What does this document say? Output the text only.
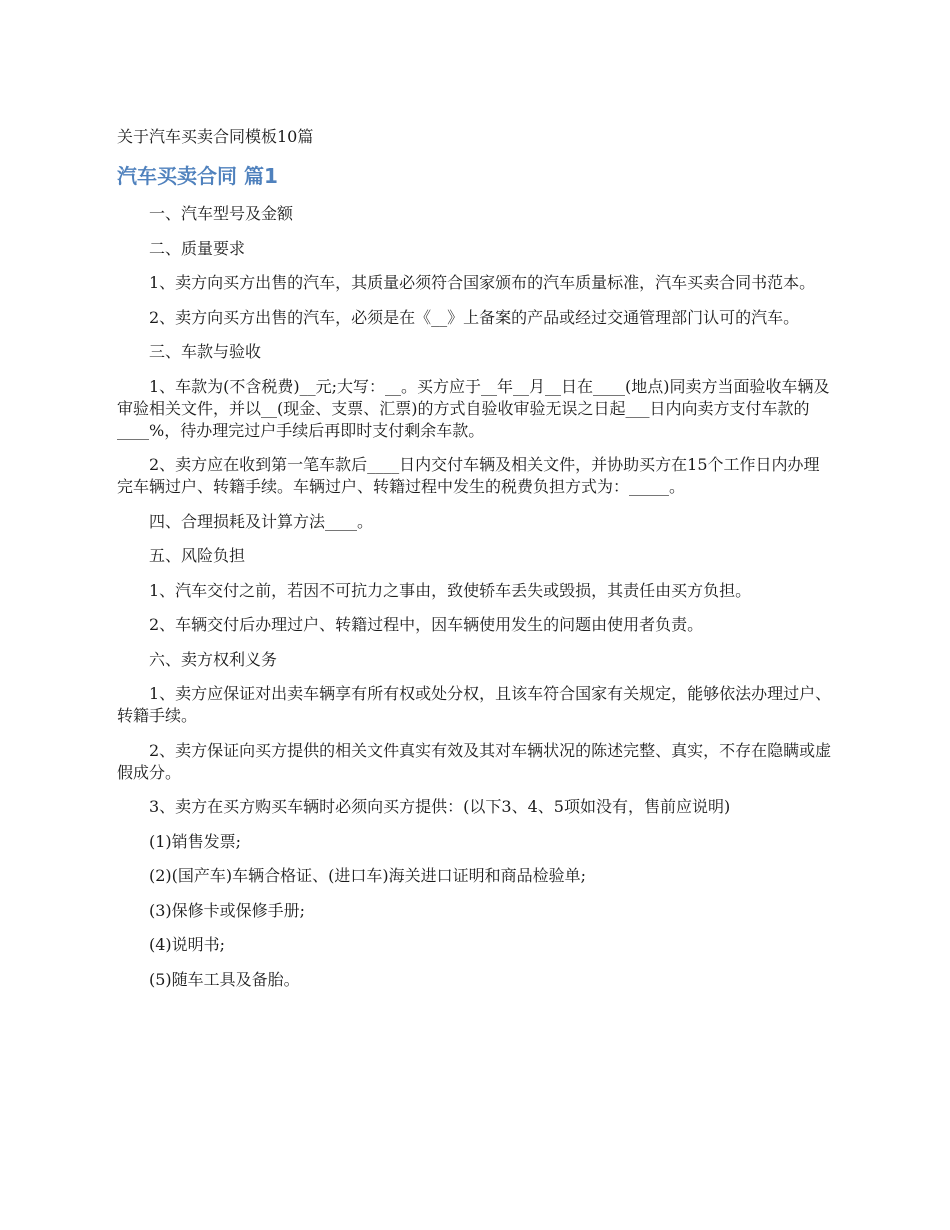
关于汽车买卖合同模板10篇
汽车买卖合同 篇1

一、汽车型号及金额

二、质量要求

1、卖方向买方出售的汽车，其质量必须符合国家颁布的汽车质量标准，汽车买卖合同书范本。

2、卖方向买方出售的汽车，必须是在《__》上备案的产品或经过交通管理部门认可的汽车。

三、车款与验收

1、车款为(不含税费)__元;大写：__。买方应于__年__月__日在____(地点)同卖方当面验收车辆及审验相关文件，并以__(现金、支票、汇票)的方式自验收审验无误之日起___日内向卖方支付车款的____%，待办理完过户手续后再即时支付剩余车款。

2、卖方应在收到第一笔车款后____日内交付车辆及相关文件，并协助买方在15个工作日内办理完车辆过户、转籍手续。车辆过户、转籍过程中发生的税费负担方式为：_____。

四、合理损耗及计算方法____。

五、风险负担

1、汽车交付之前，若因不可抗力之事由，致使轿车丢失或毁损，其责任由买方负担。

2、车辆交付后办理过户、转籍过程中，因车辆使用发生的问题由使用者负责。

六、卖方权利义务

1、卖方应保证对出卖车辆享有所有权或处分权，且该车符合国家有关规定，能够依法办理过户、转籍手续。

2、卖方保证向买方提供的相关文件真实有效及其对车辆状况的陈述完整、真实，不存在隐瞒或虚假成分。

3、卖方在买方购买车辆时必须向买方提供：(以下3、4、5项如没有，售前应说明)

(1)销售发票;

(2)(国产车)车辆合格证、(进口车)海关进口证明和商品检验单;

(3)保修卡或保修手册;

(4)说明书;

(5)随车工具及备胎。
